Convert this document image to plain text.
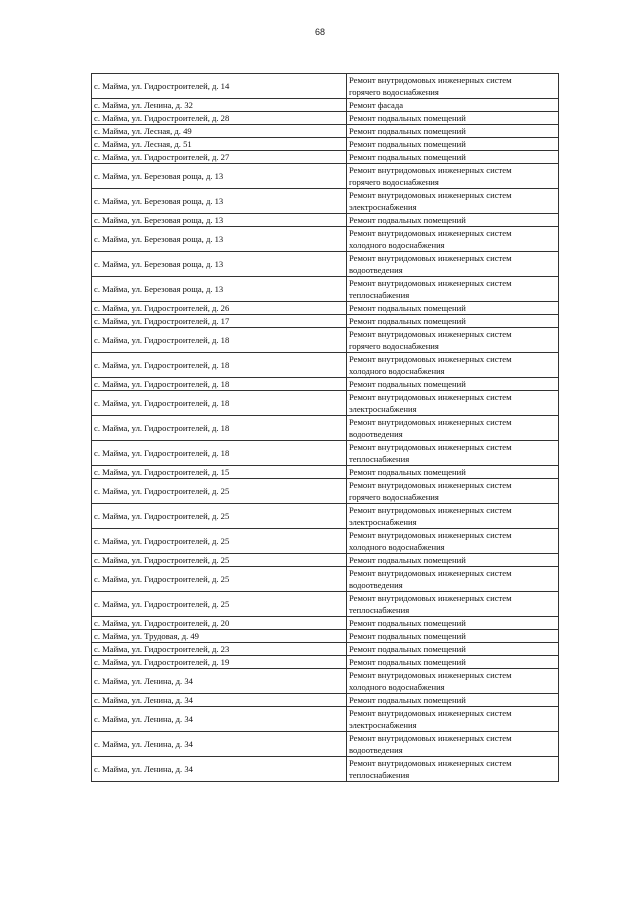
68
с. Майма, ул. Гидростроителей, д. 14	Ремонт внутридомовых инженерных систем
горячего водоснабжения

с. Майма, ул. Ленина, д. 32	Ремонт фасада

с. Майма, ул. Гидростроителей, д. 28	Ремонт подвальных помещений

с. Майма, ул. Лесная, д. 49	Ремонт подвальных помещений

с. Майма, ул. Лесная, д. 51	Ремонт подвальных помещений

с. Майма, ул. Гидростроителей, д. 27	Ремонт подвальных помещений

с. Майма, ул. Березовая роща, д. 13	Ремонт внутридомовых инженерных систем
горячего водоснабжения

с. Майма, ул. Березовая роща, д. 13	Ремонт внутридомовых инженерных систем
электроснабжения

с. Майма, ул. Березовая роща, д. 13	Ремонт подвальных помещений

с. Майма, ул. Березовая роща, д. 13	Ремонт внутридомовых инженерных систем
холодного водоснабжения

с. Майма, ул. Березовая роща, д. 13	Ремонт внутридомовых инженерных систем
водоотведения

с. Майма, ул. Березовая роща, д. 13	Ремонт внутридомовых инженерных систем
теплоснабжения

с. Майма, ул. Гидростроителей, д. 26	Ремонт подвальных помещений

с. Майма, ул. Гидростроителей, д. 17	Ремонт подвальных помещений

с. Майма, ул. Гидростроителей, д. 18	Ремонт внутридомовых инженерных систем
горячего водоснабжения

с. Майма, ул. Гидростроителей, д. 18	Ремонт внутридомовых инженерных систем
холодного водоснабжения

с. Майма, ул. Гидростроителей, д. 18	Ремонт подвальных помещений

с. Майма, ул. Гидростроителей, д. 18	Ремонт внутридомовых инженерных систем
электроснабжения

с. Майма, ул. Гидростроителей, д. 18	Ремонт внутридомовых инженерных систем
водоотведения

с. Майма, ул. Гидростроителей, д. 18	Ремонт внутридомовых инженерных систем
теплоснабжения

с. Майма, ул. Гидростроителей, д. 15	Ремонт подвальных помещений

с. Майма, ул. Гидростроителей, д. 25	Ремонт внутридомовых инженерных систем
горячего водоснабжения

с. Майма, ул. Гидростроителей, д. 25	Ремонт внутридомовых инженерных систем
электроснабжения

с. Майма, ул. Гидростроителей, д. 25	Ремонт внутридомовых инженерных систем
холодного водоснабжения

с. Майма, ул. Гидростроителей, д. 25	Ремонт подвальных помещений

с. Майма, ул. Гидростроителей, д. 25	Ремонт внутридомовых инженерных систем
водоотведения

с. Майма, ул. Гидростроителей, д. 25	Ремонт внутридомовых инженерных систем
теплоснабжения

с. Майма, ул. Гидростроителей, д. 20	Ремонт подвальных помещений

с. Майма, ул. Трудовая, д. 49	Ремонт подвальных помещений

с. Майма, ул. Гидростроителей, д. 23	Ремонт подвальных помещений

с. Майма, ул. Гидростроителей, д. 19	Ремонт подвальных помещений

с. Майма, ул. Ленина, д. 34	Ремонт внутридомовых инженерных систем
холодного водоснабжения

с. Майма, ул. Ленина, д. 34	Ремонт подвальных помещений

с. Майма, ул. Ленина, д. 34	Ремонт внутридомовых инженерных систем
электроснабжения

с. Майма, ул. Ленина, д. 34	Ремонт внутридомовых инженерных систем
водоотведения

с. Майма, ул. Ленина, д. 34	Ремонт внутридомовых инженерных систем
теплоснабжения
